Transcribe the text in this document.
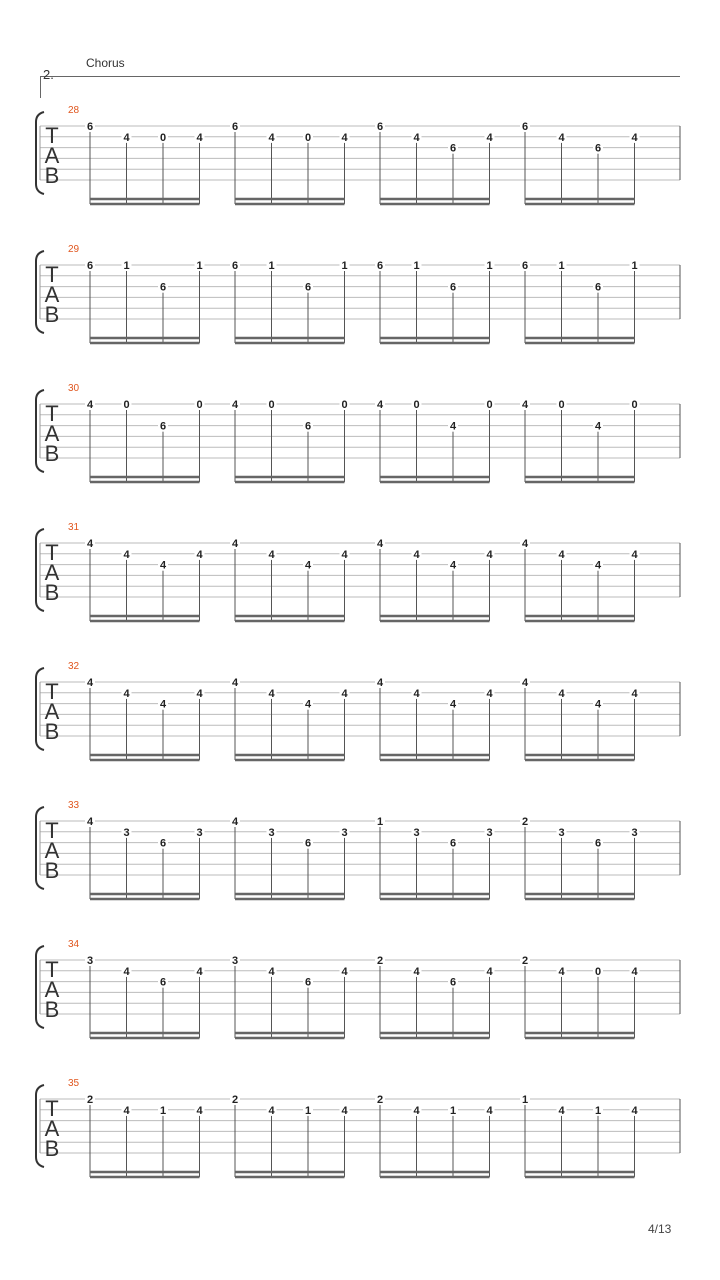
2.
Chorus
28
T
A
B
6
4	0	4
6
4	0	4
6
4
6
4
6
4
6
4
29
T
A
B
6	1
6
1	6	1
6
1	6	1
6
1	6	1
6
1
30
T
A
B
4	0
6
0	4	0
6
0	4	0
4
0	4	0
4
0
31
T
A
B
4
4
4
4
4
4
4
4
4
4
4
4
4
4
4
4
32
T
A
B
4
4
4
4
4
4
4
4
4
4
4
4
4
4
4
4
33
T
A
B
4
3
6
3
4
3
6
3
1
3
6
3
2
3
6
3
34
T
A
B
3
4
6
4
3
4
6
4
2
4
6
4
2
4	0	4
35
T
A
B
2
4	1	4
2
4	1	4
2
4	1	4
1
4	1	4
4/13
